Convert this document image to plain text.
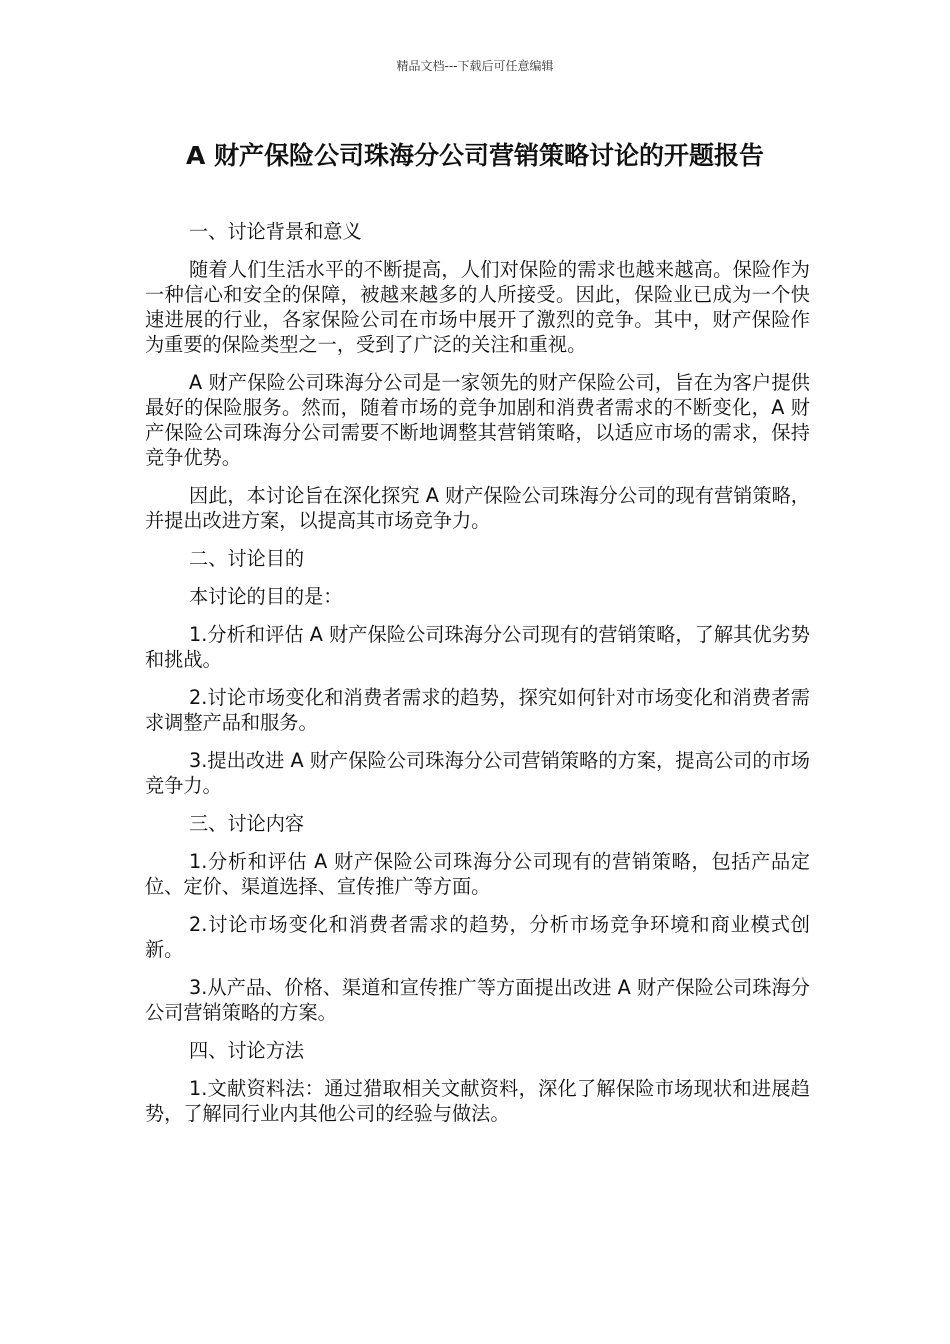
精品文档---下载后可任意编辑
A 财产保险公司珠海分公司营销策略讨论的开题报告

一、讨论背景和意义

随着人们生活水平的不断提高，人们对保险的需求也越来越高。保险作为一种信心和安全的保障，被越来越多的人所接受。因此，保险业已成为一个快速进展的行业，各家保险公司在市场中展开了激烈的竞争。其中，财产保险作为重要的保险类型之一，受到了广泛的关注和重视。

A 财产保险公司珠海分公司是一家领先的财产保险公司，旨在为客户提供最好的保险服务。然而，随着市场的竞争加剧和消费者需求的不断变化，A 财产保险公司珠海分公司需要不断地调整其营销策略，以适应市场的需求，保持竞争优势。

因此，本讨论旨在深化探究 A 财产保险公司珠海分公司的现有营销策略，并提出改进方案，以提高其市场竞争力。

二、讨论目的

本讨论的目的是：

1.分析和评估 A 财产保险公司珠海分公司现有的营销策略，了解其优劣势和挑战。

2.讨论市场变化和消费者需求的趋势，探究如何针对市场变化和消费者需求调整产品和服务。

3.提出改进 A 财产保险公司珠海分公司营销策略的方案，提高公司的市场竞争力。

三、讨论内容

1.分析和评估 A 财产保险公司珠海分公司现有的营销策略，包括产品定位、定价、渠道选择、宣传推广等方面。

2.讨论市场变化和消费者需求的趋势，分析市场竞争环境和商业模式创新。

3.从产品、价格、渠道和宣传推广等方面提出改进 A 财产保险公司珠海分公司营销策略的方案。

四、讨论方法

1.文献资料法：通过猎取相关文献资料，深化了解保险市场现状和进展趋势，了解同行业内其他公司的经验与做法。
